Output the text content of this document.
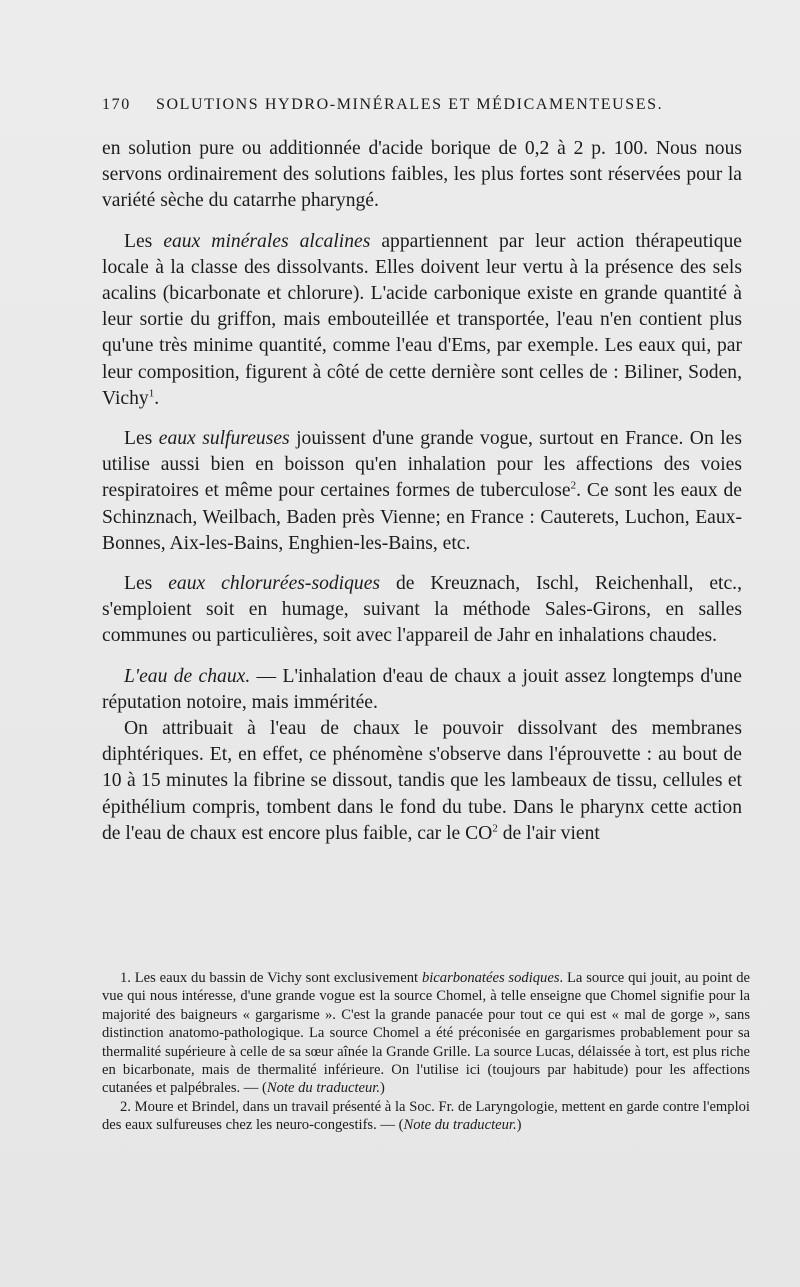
170 SOLUTIONS HYDRO-MINÉRALES ET MÉDICAMENTEUSES.

en solution pure ou additionnée d'acide borique de 0,2 à 2 p. 100. Nous nous servons ordinairement des solutions faibles, les plus fortes sont réservées pour la variété sèche du catarrhe pharyngé.

Les eaux minérales alcalines appartiennent par leur action thérapeutique locale à la classe des dissolvants. Elles doivent leur vertu à la présence des sels acalins (bicarbonate et chlorure). L'acide carbonique existe en grande quantité à leur sortie du griffon, mais embouteillée et transportée, l'eau n'en contient plus qu'une très minime quantité, comme l'eau d'Ems, par exemple. Les eaux qui, par leur composition, figurent à côté de cette dernière sont celles de : Biliner, Soden, Vichy$^1$.

Les eaux sulfureuses jouissent d'une grande vogue, surtout en France. On les utilise aussi bien en boisson qu'en inhalation pour les affections des voies respiratoires et même pour certaines formes de tuberculose$^2$. Ce sont les eaux de Schinznach, Weilbach, Baden près Vienne; en France : Cauterets, Luchon, Eaux-Bonnes, Aix-les-Bains, Enghien-les-Bains, etc.

Les eaux chlorurées-sodiques de Kreuznach, Ischl, Reichenhall, etc., s'emploient soit en humage, suivant la méthode Sales-Girons, en salles communes ou particulières, soit avec l'appareil de Jahr en inhalations chaudes.

L'eau de chaux. — L'inhalation d'eau de chaux a jouit assez longtemps d'une réputation notoire, mais imméritée.

On attribuait à l'eau de chaux le pouvoir dissolvant des membranes diphtériques. Et, en effet, ce phénomène s'observe dans l'éprouvette : au bout de 10 à 15 minutes la fibrine se dissout, tandis que les lambeaux de tissu, cellules et épithélium compris, tombent dans le fond du tube. Dans le pharynx cette action de l'eau de chaux est encore plus faible, car le $CO^2$ de l'air vient

1. Les eaux du bassin de Vichy sont exclusivement bicarbonatées sodiques. La source qui jouit, au point de vue qui nous intéresse, d'une grande vogue est la source Chomel, à telle enseigne que Chomel signifie pour la majorité des baigneurs « gargarisme ». C'est la grande panacée pour tout ce qui est « mal de gorge », sans distinction anatomo-pathologique. La source Chomel a été préconisée en gargarismes probablement pour sa thermalité supérieure à celle de sa sœur aînée la Grande Grille. La source Lucas, délaissée à tort, est plus riche en bicarbonate, mais de thermalité inférieure. On l'utilise ici (toujours par habitude) pour les affections cutanées et palpébrales. — (Note du traducteur.)

2. Moure et Brindel, dans un travail présenté à la Soc. Fr. de Laryngologie, mettent en garde contre l'emploi des eaux sulfureuses chez les neuro-congestifs. — (Note du traducteur.)
